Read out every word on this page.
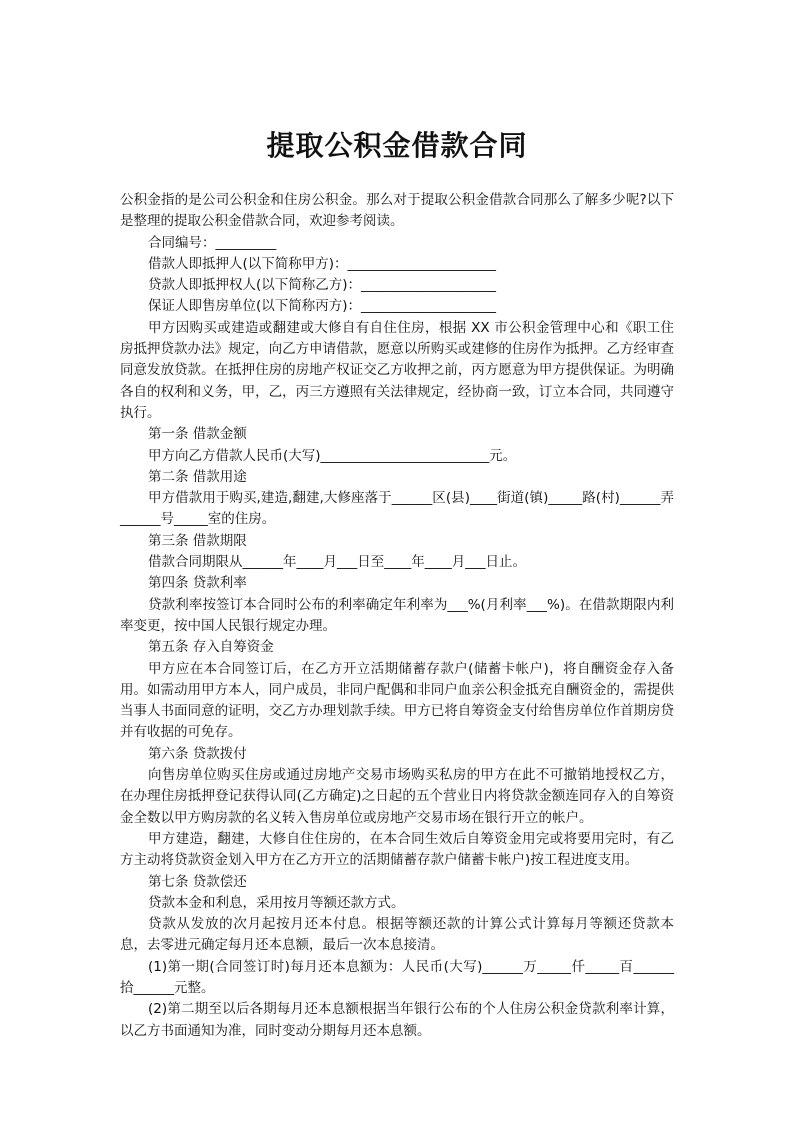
提取公积金借款合同

公积金指的是公司公积金和住房公积金。那么对于提取公积金借款合同那么了解多少呢?以下是整理的提取公积金借款合同，欢迎参考阅读。

合同编号：_________

借款人即抵押人(以下简称甲方)：______________________

贷款人即抵押权人(以下简称乙方)：____________________

保证人即售房单位(以下简称丙方)：____________________

甲方因购买或建造或翻建或大修自有自住住房，根据 XX 市公积金管理中心和《职工住房抵押贷款办法》规定，向乙方申请借款，愿意以所购买或建修的住房作为抵押。乙方经审查同意发放贷款。在抵押住房的房地产权证交乙方收押之前，丙方愿意为甲方提供保证。为明确各自的权利和义务，甲，乙，丙三方遵照有关法律规定，经协商一致，订立本合同，共同遵守执行。

第一条 借款金额

甲方向乙方借款人民币(大写)_________________________元。

第二条 借款用途

甲方借款用于购买,建造,翻建,大修座落于______区(县)____街道(镇)_____路(村)______弄______号_____室的住房。

第三条 借款期限

借款合同期限从______年____月___日至____年____月___日止。

第四条 贷款利率

贷款利率按签订本合同时公布的利率确定年利率为___%(月利率___%)。在借款期限内利率变更，按中国人民银行规定办理。

第五条 存入自筹资金

甲方应在本合同签订后，在乙方开立活期储蓄存款户(储蓄卡帐户)，将自酬资金存入备用。如需动用甲方本人，同户成员，非同户配偶和非同户血亲公积金抵充自酬资金的，需提供当事人书面同意的证明，交乙方办理划款手续。甲方已将自筹资金支付给售房单位作首期房贷并有收据的可免存。

第六条 贷款拨付

向售房单位购买住房或通过房地产交易市场购买私房的甲方在此不可撤销地授权乙方，在办理住房抵押登记获得认同(乙方确定)之日起的五个营业日内将贷款金额连同存入的自筹资金全数以甲方购房款的名义转入售房单位或房地产交易市场在银行开立的帐户。

甲方建造，翻建，大修自住住房的，在本合同生效后自筹资金用完或将要用完时，有乙方主动将贷款资金划入甲方在乙方开立的活期储蓄存款户储蓄卡帐户)按工程进度支用。

第七条 贷款偿还

贷款本金和利息，采用按月等额还款方式。

贷款从发放的次月起按月还本付息。根据等额还款的计算公式计算每月等额还贷款本息，去零进元确定每月还本息额，最后一次本息接清。

(1)第一期(合同签订时)每月还本息额为：人民币(大写)______万_____仟_____百______拾______元整。

(2)第二期至以后各期每月还本息额根据当年银行公布的个人住房公积金贷款利率计算，以乙方书面通知为准，同时变动分期每月还本息额。
